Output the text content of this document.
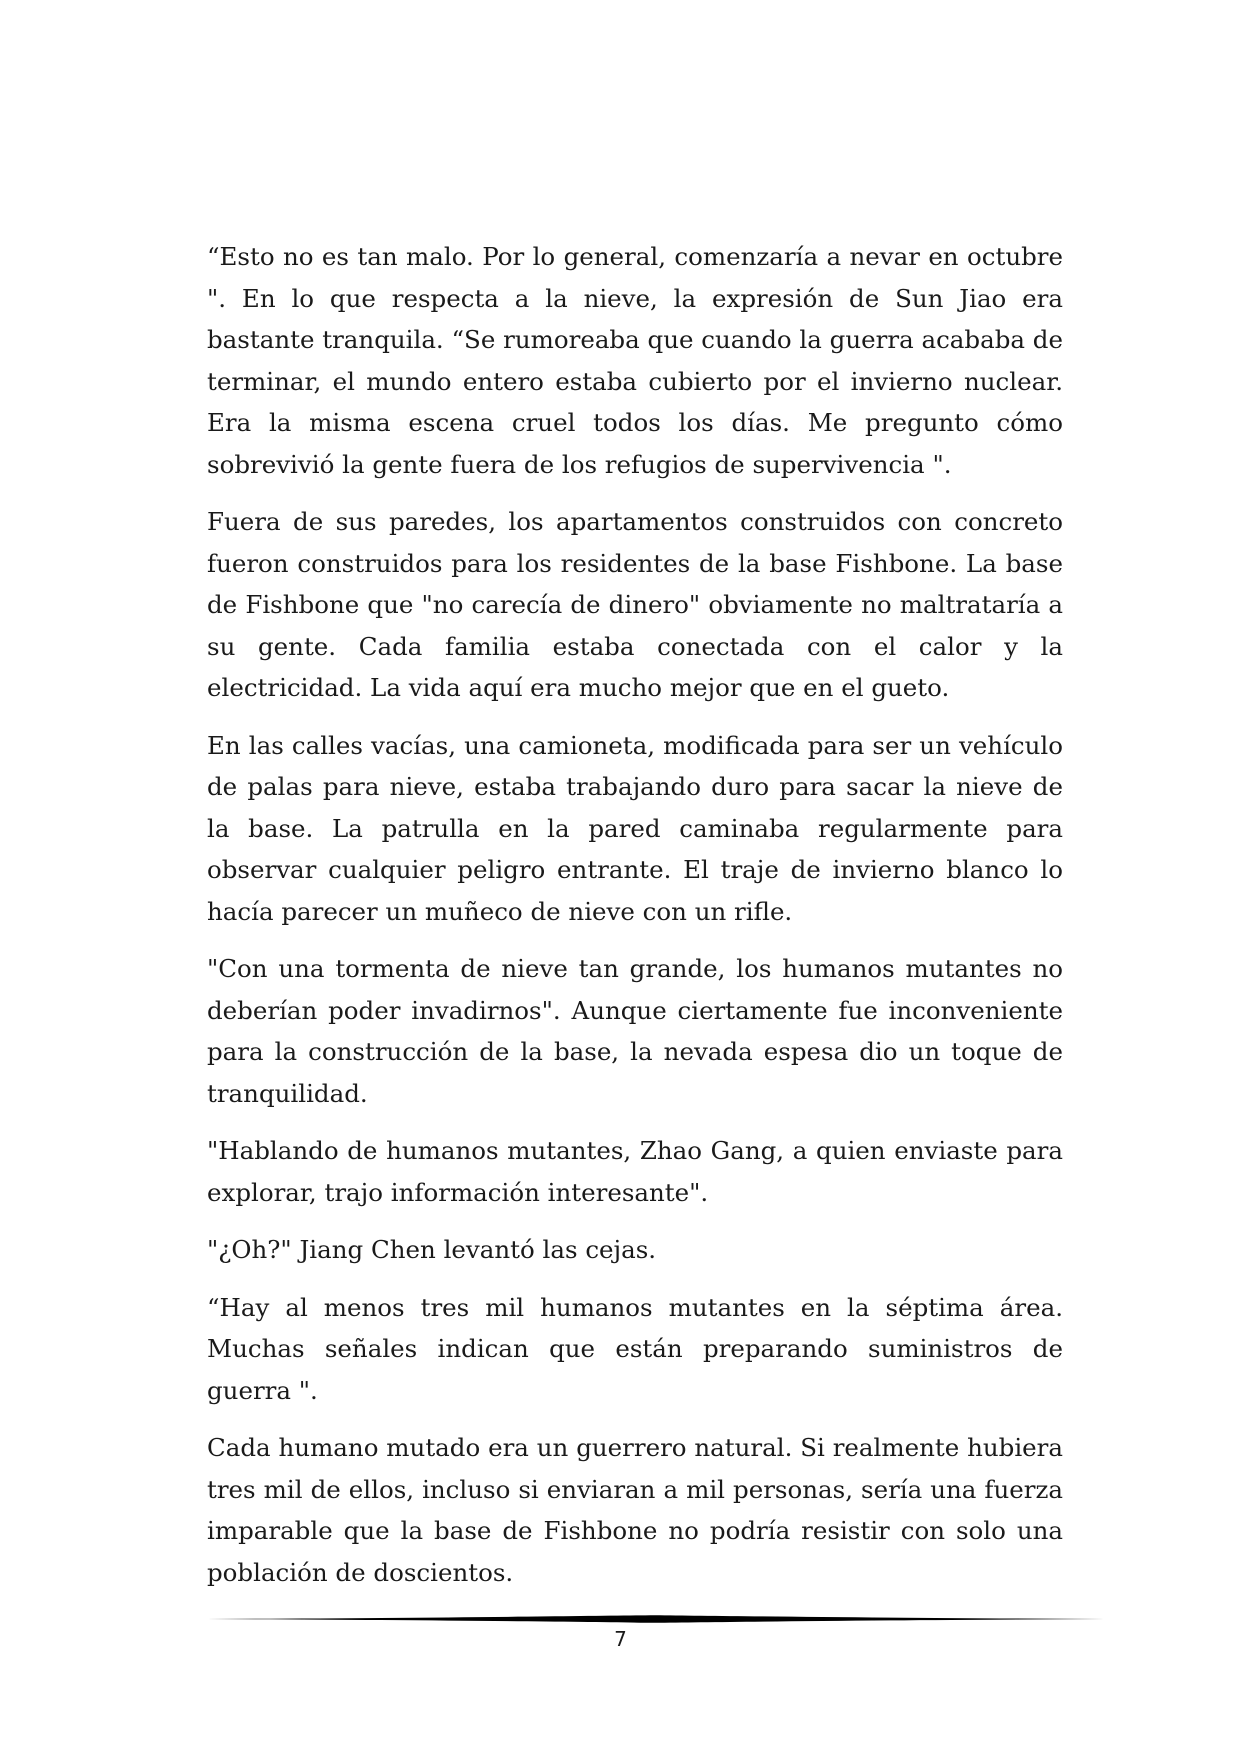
“Esto no es tan malo. Por lo general, comenzaría a nevar en octubre ". En lo que respecta a la nieve, la expresión de Sun Jiao era bastante tranquila. “Se rumoreaba que cuando la guerra acababa de terminar, el mundo entero estaba cubierto por el invierno nuclear. Era la misma escena cruel todos los días. Me pregunto cómo sobrevivió la gente fuera de los refugios de supervivencia ".

Fuera de sus paredes, los apartamentos construidos con concreto fueron construidos para los residentes de la base Fishbone. La base de Fishbone que "no carecía de dinero" obviamente no maltrataría a su gente. Cada familia estaba conectada con el calor y la electricidad. La vida aquí era mucho mejor que en el gueto.

En las calles vacías, una camioneta, modificada para ser un vehículo de palas para nieve, estaba trabajando duro para sacar la nieve de la base. La patrulla en la pared caminaba regularmente para observar cualquier peligro entrante. El traje de invierno blanco lo hacía parecer un muñeco de nieve con un rifle.

"Con una tormenta de nieve tan grande, los humanos mutantes no deberían poder invadirnos". Aunque ciertamente fue inconveniente para la construcción de la base, la nevada espesa dio un toque de tranquilidad.

"Hablando de humanos mutantes, Zhao Gang, a quien enviaste para explorar, trajo información interesante".

"¿Oh?" Jiang Chen levantó las cejas.

“Hay al menos tres mil humanos mutantes en la séptima área. Muchas señales indican que están preparando suministros de guerra ".

Cada humano mutado era un guerrero natural. Si realmente hubiera tres mil de ellos, incluso si enviaran a mil personas, sería una fuerza imparable que la base de Fishbone no podría resistir con solo una población de doscientos.

7
